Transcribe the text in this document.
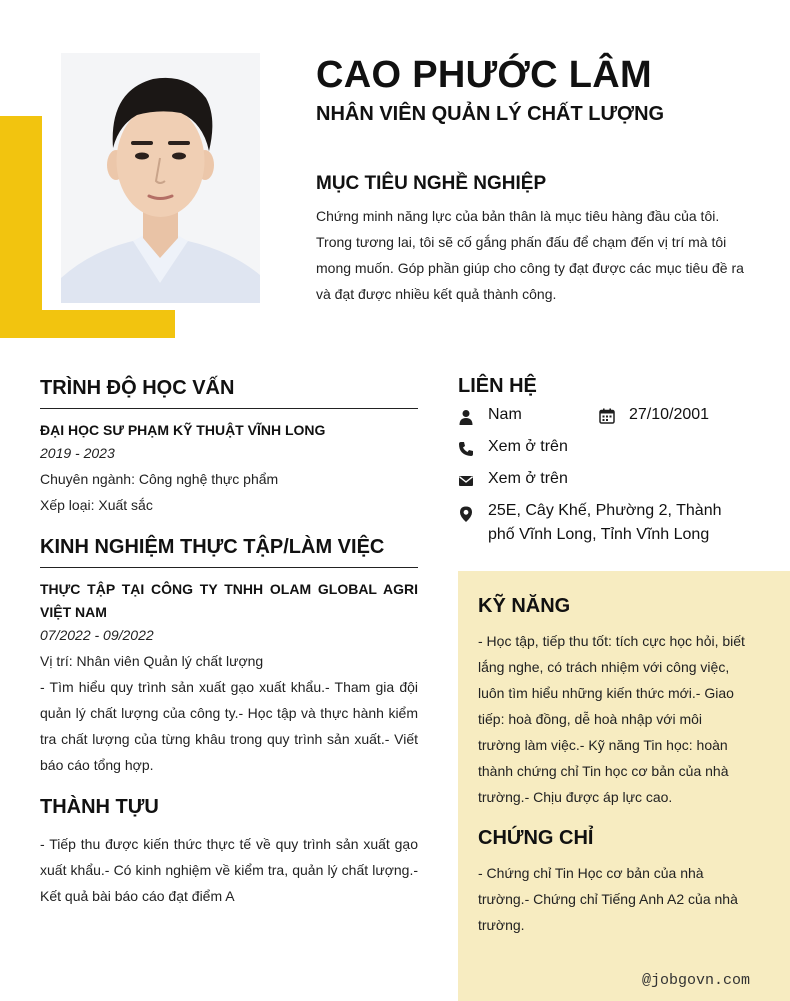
CAO PHƯỚC LÂM
NHÂN VIÊN QUẢN LÝ CHẤT LƯỢNG
MỤC TIÊU NGHỀ NGHIỆP

Chứng minh năng lực của bản thân là mục tiêu hàng đầu của tôi. Trong tương lai, tôi sẽ cố gắng phấn đấu để chạm đến vị trí mà tôi mong muốn. Góp phần giúp cho công ty đạt được các mục tiêu đề ra và đạt được nhiều kết quả thành công.

TRÌNH ĐỘ HỌC VẤN
ĐẠI HỌC SƯ PHẠM KỸ THUẬT VĨNH LONG
2019 - 2023
Chuyên ngành: Công nghệ thực phẩm
Xếp loại: Xuất sắc
KINH NGHIỆM THỰC TẬP/LÀM VIỆC
THỰC TẬP TẠI CÔNG TY TNHH OLAM GLOBAL AGRI VIỆT NAM
07/2022 - 09/2022
Vị trí: Nhân viên Quản lý chất lượng
- Tìm hiểu quy trình sản xuất gạo xuất khẩu.- Tham gia đội quản lý chất lượng của công ty.- Học tập và thực hành kiểm tra chất lượng của từng khâu trong quy trình sản xuất.- Viết báo cáo tổng hợp.
THÀNH TỰU
- Tiếp thu được kiến thức thực tế về quy trình sản xuất gạo xuất khẩu.- Có kinh nghiệm về kiểm tra, quản lý chất lượng.- Kết quả bài báo cáo đạt điểm A
LIÊN HỆ
Nam	27/10/2001
Xem ở trên
Xem ở trên
25E, Cây Khế, Phường 2, Thành phố Vĩnh Long, Tỉnh Vĩnh Long
KỸ NĂNG

- Học tập, tiếp thu tốt: tích cực học hỏi, biết lắng nghe, có trách nhiệm với công việc, luôn tìm hiểu những kiến thức mới.- Giao tiếp: hoà đồng, dễ hoà nhập với môi trường làm việc.- Kỹ năng Tin học: hoàn thành chứng chỉ Tin học cơ bản của nhà trường.- Chịu được áp lực cao.

CHỨNG CHỈ

- Chứng chỉ Tin Học cơ bản của nhà trường.- Chứng chỉ Tiếng Anh A2 của nhà trường.

@jobgovn.com
